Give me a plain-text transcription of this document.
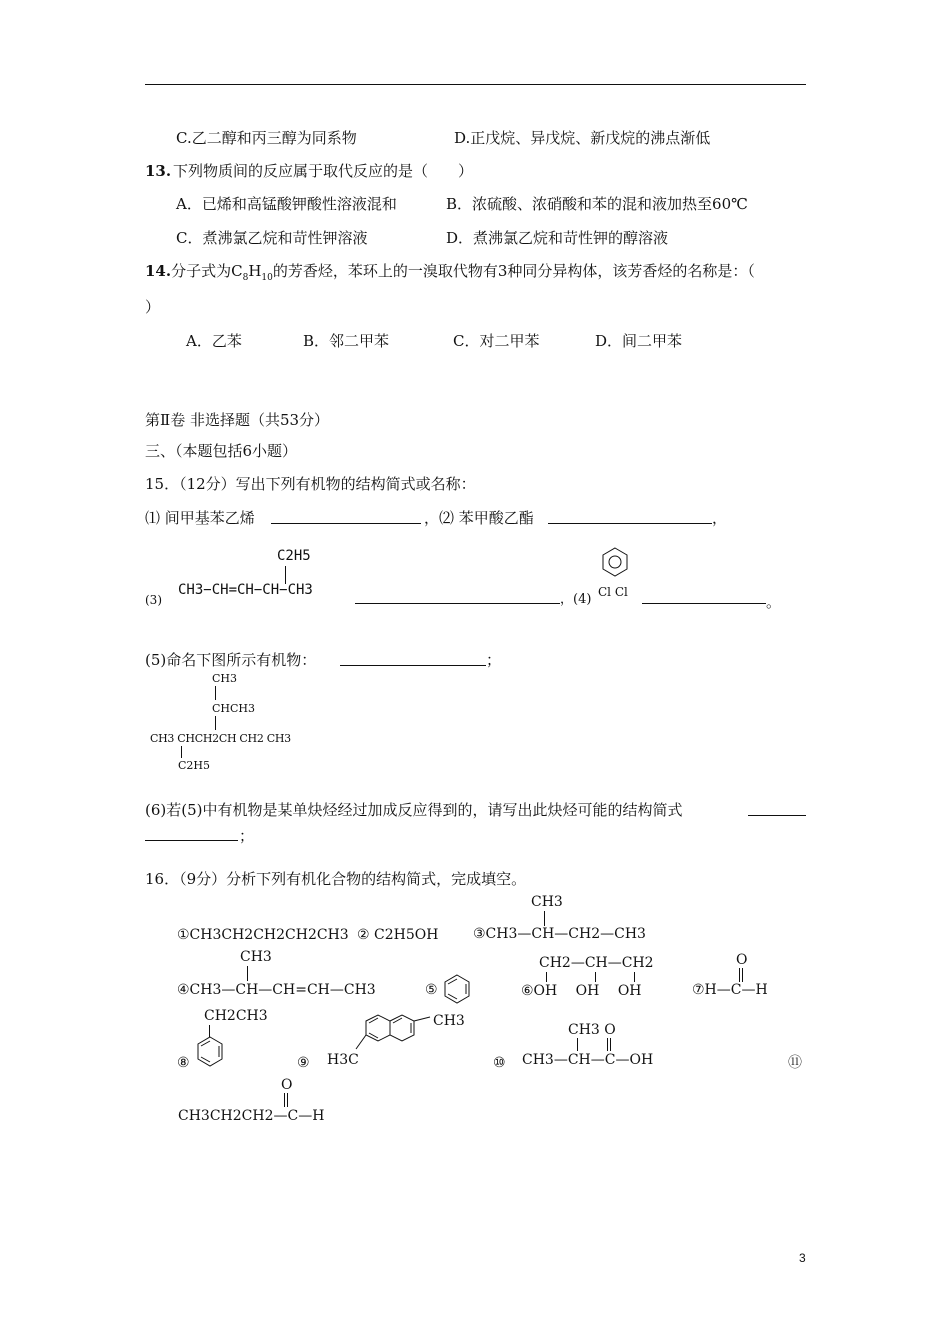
C.乙二醇和丙三醇为同系物	D.正戊烷、异戊烷、新戊烷的沸点渐低
13. 下列物质间的反应属于取代反应的是（　　）
A．已烯和高锰酸钾酸性溶液混和	B．浓硫酸、浓硝酸和苯的混和液加热至60℃
C．煮沸氯乙烷和苛性钾溶液	D．煮沸氯乙烷和苛性钾的醇溶液
14.分子式为$C_8H_{10}$的芳香烃，苯环上的一溴取代物有3种同分异构体，该芳香烃的名称是：（
）
A．乙苯	B．邻二甲苯	C．对二甲苯	D．间二甲苯
第Ⅱ卷 非选择题（共53分）
三、（本题包括6小题）
15．（12分）写出下列有机物的结构简式或名称：
⑴ 间甲基苯乙烯	，⑵ 苯甲酸乙酯	，
(3)
C2H5
CH3−CH=CH−CH−CH3
，(4) Cl Cl
。
(5)命名下图所示有机物：	；
CH3
CHCH3
CH3 CHCH2CH CH2 CH3
C2H5
(6)若(5)中有机物是某单炔烃经过加成反应得到的，请写出此炔烃可能的结构简式
；
16．（9分）分析下列有机化合物的结构简式，完成填空。
①CH3CH2CH2CH2CH3 ② C2H5OH
CH3
③CH3—CH—CH2—CH3
CH3
④CH3—CH—CH=CH—CH3	⑤
CH2—CH—CH2
⑥OH　 OH　 OH
O
⑦H—C—H
CH2CH3
⑧	⑨
CH3
H3C	⑩
CH3 O
CH3—CH—C—OH	⑪
O
CH3CH2CH2—C—H
3
